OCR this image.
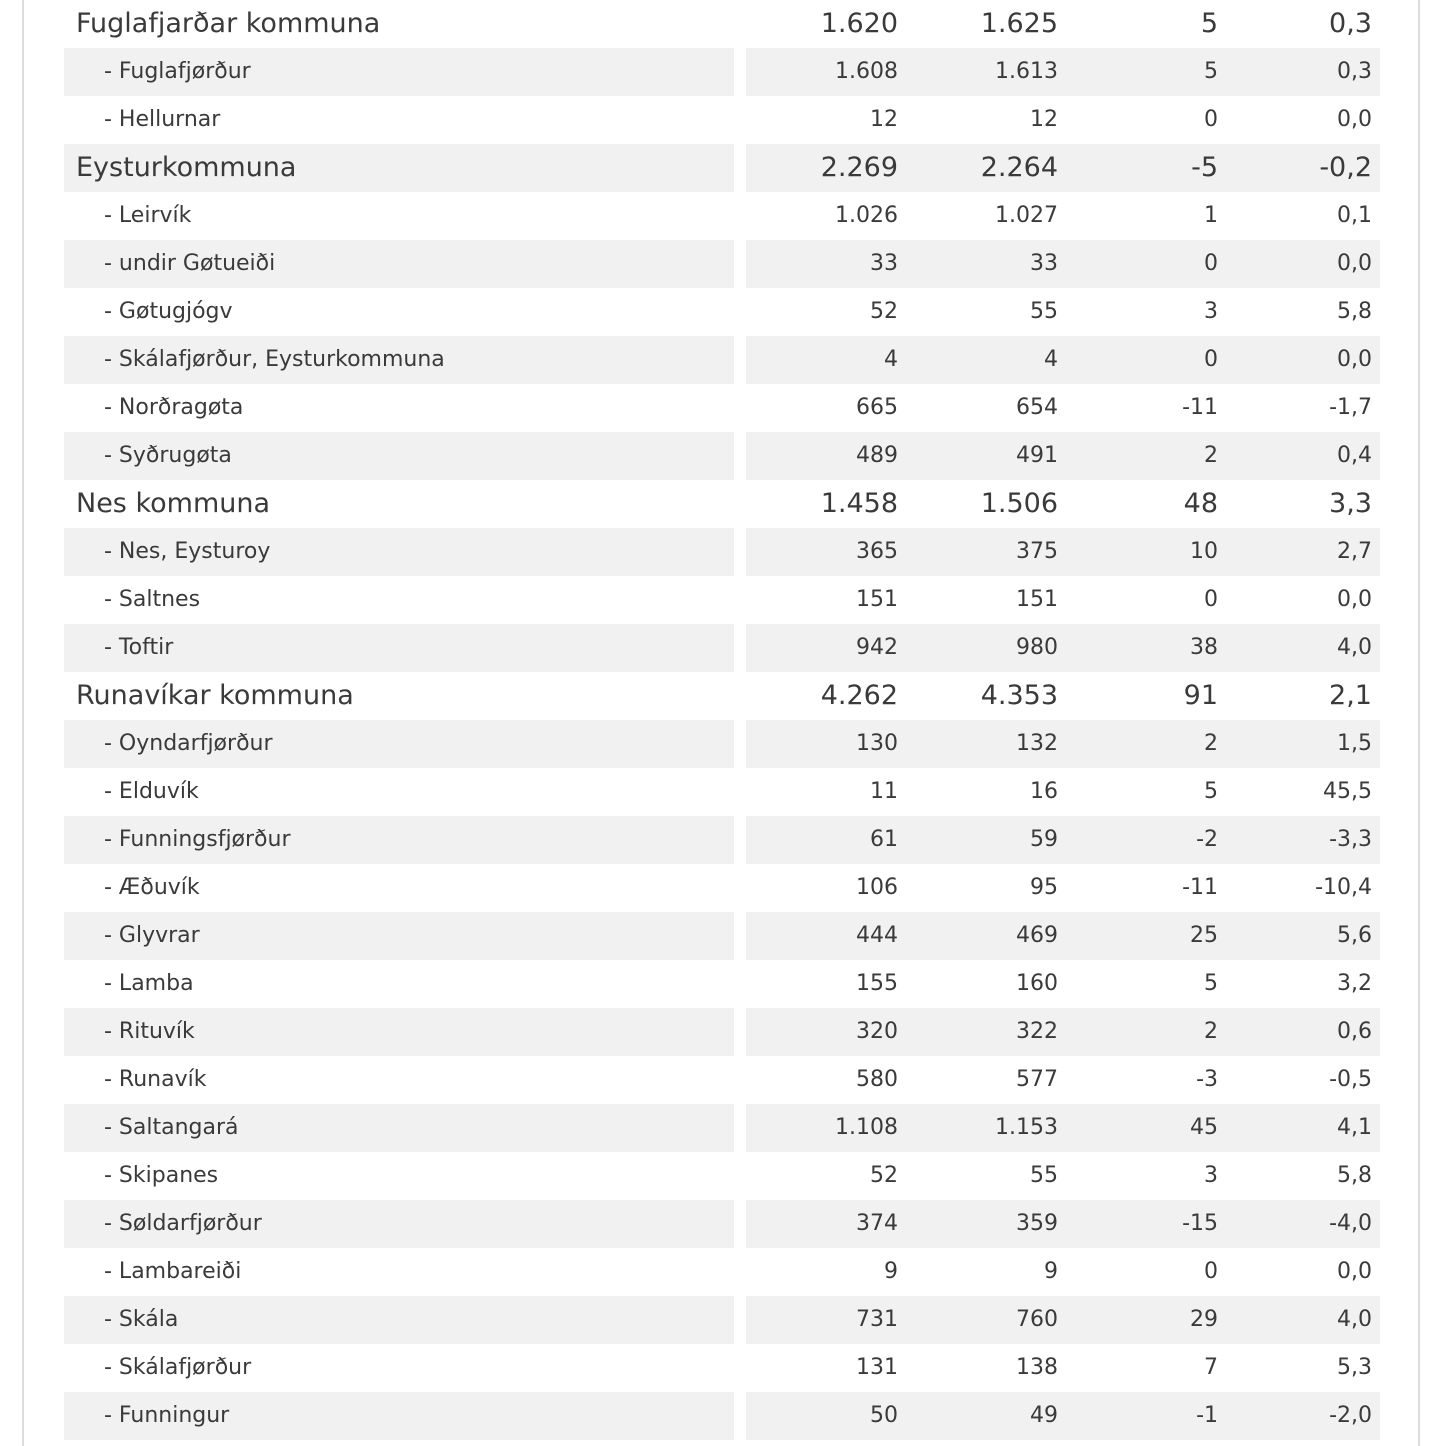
Fuglafjarðar kommuna	1.620	1.625	5	0,3
- Fuglafjørður	1.608	1.613	5	0,3
- Hellurnar	12	12	0	0,0
Eysturkommuna	2.269	2.264	-5	-0,2
- Leirvík	1.026	1.027	1	0,1
- undir Gøtueiði	33	33	0	0,0
- Gøtugjógv	52	55	3	5,8
- Skálafjørður, Eysturkommuna	4	4	0	0,0
- Norðragøta	665	654	-11	-1,7
- Syðrugøta	489	491	2	0,4
Nes kommuna	1.458	1.506	48	3,3
- Nes, Eysturoy	365	375	10	2,7
- Saltnes	151	151	0	0,0
- Toftir	942	980	38	4,0
Runavíkar kommuna	4.262	4.353	91	2,1
- Oyndarfjørður	130	132	2	1,5
- Elduvík	11	16	5	45,5
- Funningsfjørður	61	59	-2	-3,3
- Æðuvík	106	95	-11	-10,4
- Glyvrar	444	469	25	5,6
- Lamba	155	160	5	3,2
- Rituvík	320	322	2	0,6
- Runavík	580	577	-3	-0,5
- Saltangará	1.108	1.153	45	4,1
- Skipanes	52	55	3	5,8
- Søldarfjørður	374	359	-15	-4,0
- Lambareiði	9	9	0	0,0
- Skála	731	760	29	4,0
- Skálafjørður	131	138	7	5,3
- Funningur	50	49	-1	-2,0
